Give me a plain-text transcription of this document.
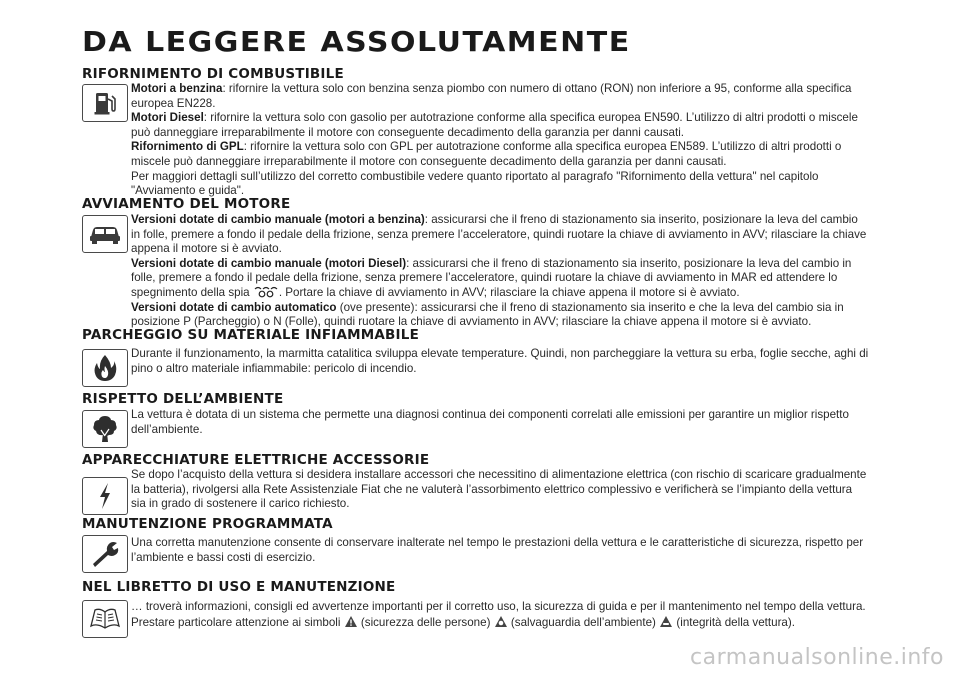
DA LEGGERE ASSOLUTAMENTE
RIFORNIMENTO DI COMBUSTIBILE

Motori a benzina: rifornire la vettura solo con benzina senza piombo con numero di ottano (RON) non inferiore a 95, conforme alla specifica europea EN228.

Motori Diesel: rifornire la vettura solo con gasolio per autotrazione conforme alla specifica europea EN590. L’utilizzo di altri prodotti o miscele può danneggiare irreparabilmente il motore con conseguente decadimento della garanzia per danni causati.

Rifornimento di GPL: rifornire la vettura solo con GPL per autotrazione conforme alla specifica europea EN589. L’utilizzo di altri prodotti o miscele può danneggiare irreparabilmente il motore con conseguente decadimento della garanzia per danni causati.

Per maggiori dettagli sull’utilizzo del corretto combustibile vedere quanto riportato al paragrafo "Rifornimento della vettura" nel capitolo "Avviamento e guida".

AVVIAMENTO DEL MOTORE

Versioni dotate di cambio manuale (motori a benzina): assicurarsi che il freno di stazionamento sia inserito, posizionare la leva del cambio in folle, premere a fondo il pedale della frizione, senza premere l’acceleratore, quindi ruotare la chiave di avviamento in AVV; rilasciare la chiave appena il motore si è avviato.

Versioni dotate di cambio manuale (motori Diesel): assicurarsi che il freno di stazionamento sia inserito, posizionare la leva del cambio in folle, premere a fondo il pedale della frizione, senza premere l’acceleratore, quindi ruotare la chiave di avviamento in MAR ed attendere lo spegnimento della spia	. Portare la chiave di avviamento in AVV; rilasciare la chiave appena il motore si è avviato.

Versioni dotate di cambio automatico (ove presente): assicurarsi che il freno di stazionamento sia inserito e che la leva del cambio sia in posizione P (Parcheggio) o N (Folle), quindi ruotare la chiave di avviamento in AVV; rilasciare la chiave appena il motore si è avviato.

PARCHEGGIO SU MATERIALE INFIAMMABILE
Durante il funzionamento, la marmitta catalitica sviluppa elevate temperature. Quindi, non parcheggiare la vettura su erba, foglie secche, aghi di pino o altro materiale infiammabile: pericolo di incendio.
RISPETTO DELL’AMBIENTE
La vettura è dotata di un sistema che permette una diagnosi continua dei componenti correlati alle emissioni per garantire un miglior rispetto dell’ambiente.
APPARECCHIATURE ELETTRICHE ACCESSORIE
Se dopo l’acquisto della vettura si desidera installare accessori che necessitino di alimentazione elettrica (con rischio di scaricare gradualmente la batteria), rivolgersi alla Rete Assistenziale Fiat che ne valuterà l’assorbimento elettrico complessivo e verificherà se l’impianto della vettura sia in grado di sostenere il carico richiesto.
MANUTENZIONE PROGRAMMATA
Una corretta manutenzione consente di conservare inalterate nel tempo le prestazioni della vettura e le caratteristiche di sicurezza, rispetto per l’ambiente e bassi costi di esercizio.
NEL LIBRETTO DI USO E MANUTENZIONE

… troverà informazioni, consigli ed avvertenze importanti per il corretto uso, la sicurezza di guida e per il mantenimento nel tempo della vettura.

Prestare particolare attenzione ai simboli (sicurezza delle persone) (salvaguardia dell’ambiente) (integrità della vettura).

carmanualsonline.info
